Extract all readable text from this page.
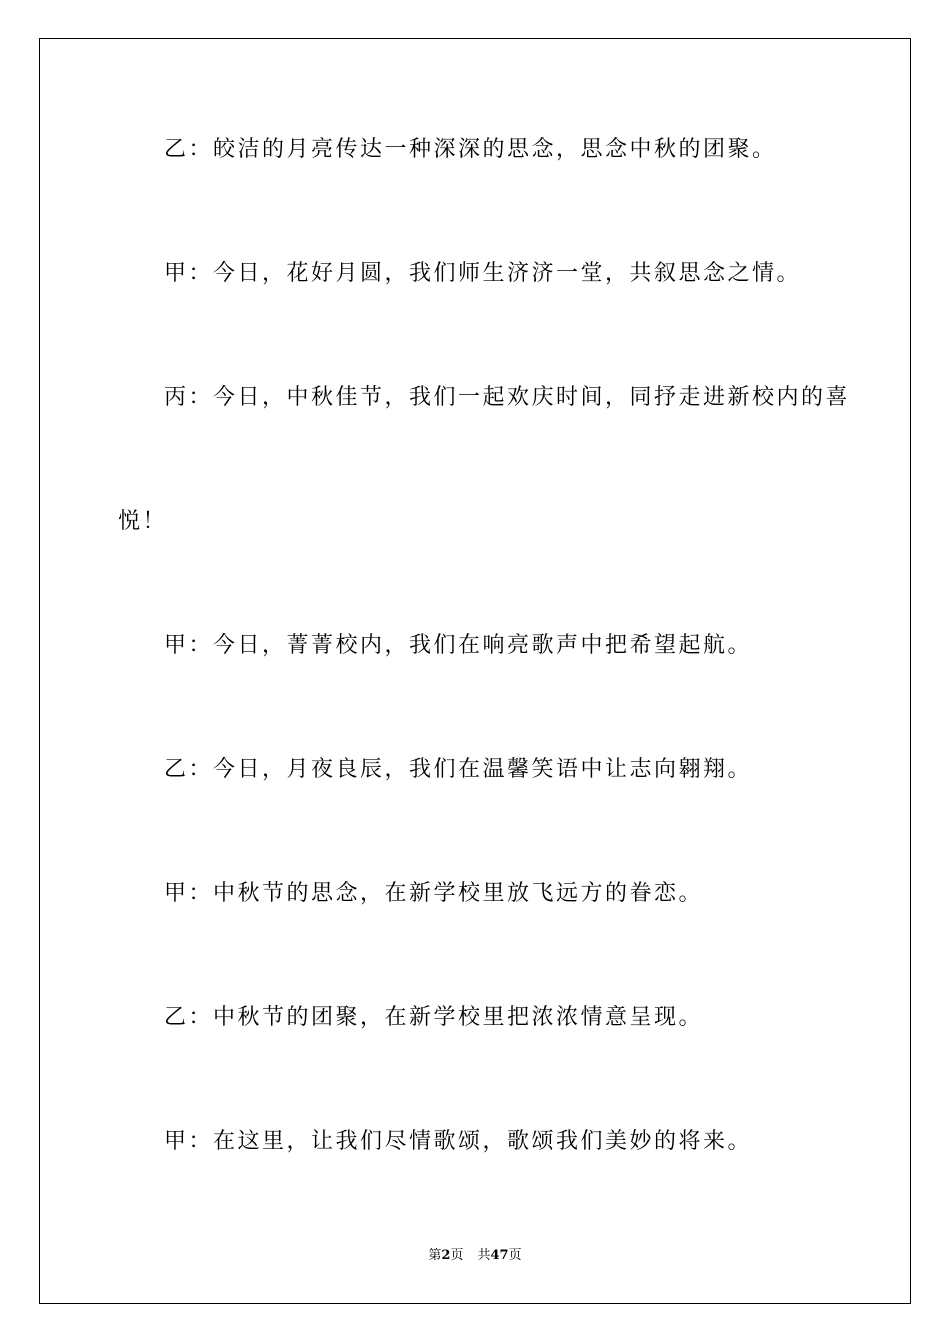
乙：皎洁的月亮传达一种深深的思念，思念中秋的团聚。
甲：今日，花好月圆，我们师生济济一堂，共叙思念之情。
丙：今日，中秋佳节，我们一起欢庆时间，同抒走进新校内的喜
悦！
甲：今日，菁菁校内，我们在响亮歌声中把希望起航。
乙：今日，月夜良辰，我们在温馨笑语中让志向翱翔。
甲：中秋节的思念，在新学校里放飞远方的眷恋。
乙：中秋节的团聚，在新学校里把浓浓情意呈现。
甲：在这里，让我们尽情歌颂，歌颂我们美妙的将来。
第2页 共47页
